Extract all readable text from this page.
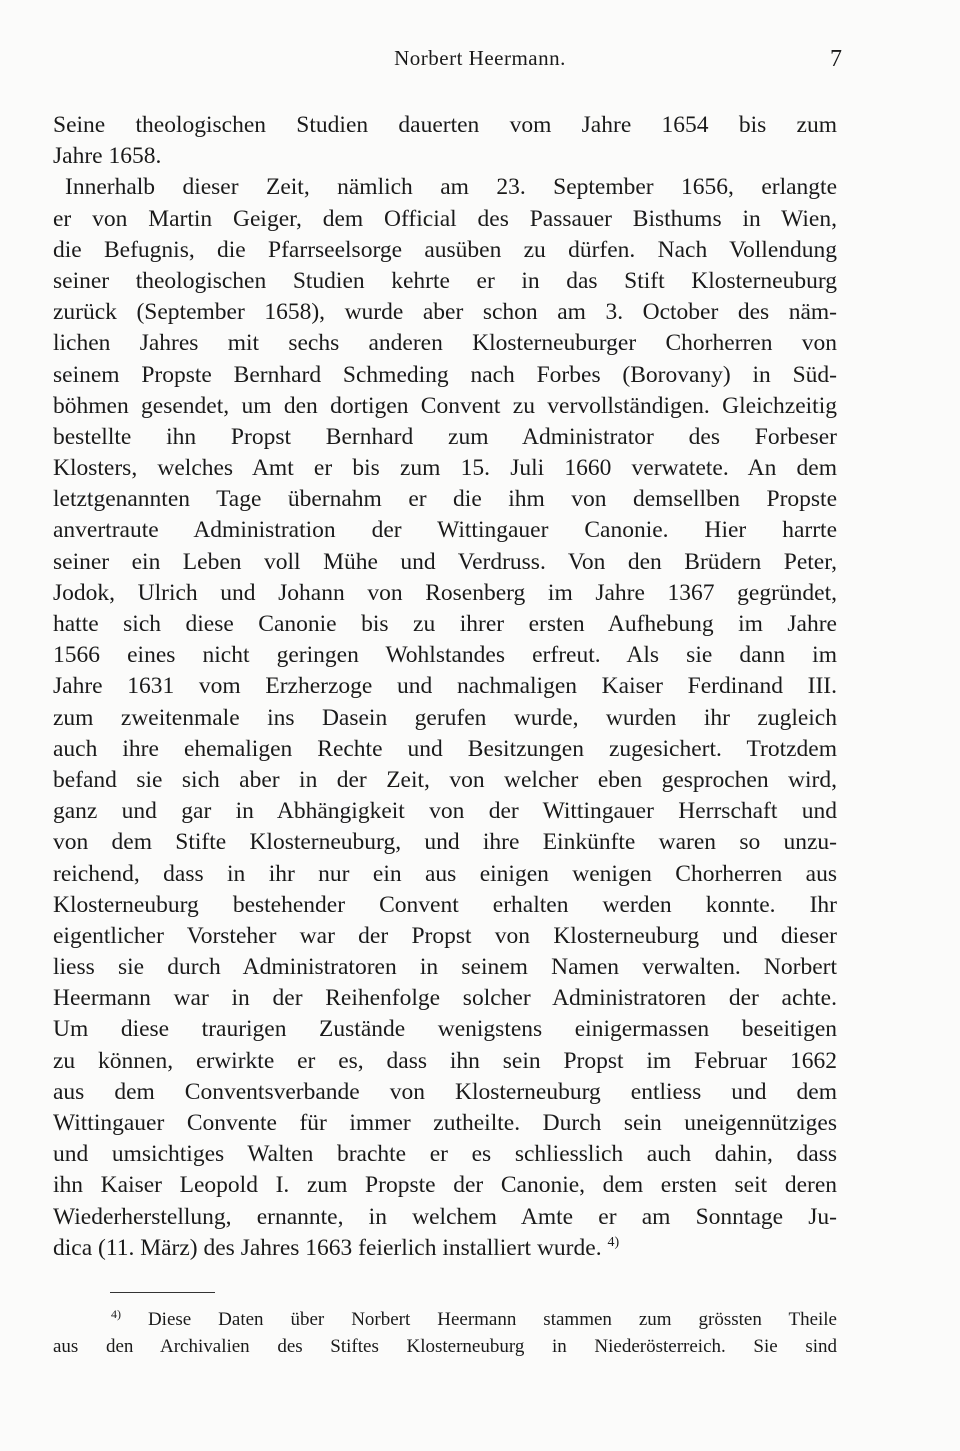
Norbert Heermann.	7
Seine theologischen Studien dauerten vom Jahre 1654 bis zum
Jahre 1658.
Innerhalb dieser Zeit, nämlich am 23. September 1656, erlangte
er von Martin Geiger, dem Official des Passauer Bisthums in Wien,
die Befugnis, die Pfarrseelsorge ausüben zu dürfen. Nach Vollendung
seiner theologischen Studien kehrte er in das Stift Klosterneuburg
zurück (September 1658), wurde aber schon am 3. October des näm-
lichen Jahres mit sechs anderen Klosterneuburger Chorherren von
seinem Propste Bernhard Schmeding nach Forbes (Borovany) in Süd-
böhmen gesendet, um den dortigen Convent zu vervollständigen. Gleichzeitig
bestellte ihn Propst Bernhard zum Administrator des Forbeser
Klosters, welches Amt er bis zum 15. Juli 1660 verwatete. An dem
letztgenannten Tage übernahm er die ihm von demsellben Propste
anvertraute Administration der Wittingauer Canonie. Hier harrte
seiner ein Leben voll Mühe und Verdruss. Von den Brüdern Peter,
Jodok, Ulrich und Johann von Rosenberg im Jahre 1367 gegründet,
hatte sich diese Canonie bis zu ihrer ersten Aufhebung im Jahre
1566 eines nicht geringen Wohlstandes erfreut. Als sie dann im
Jahre 1631 vom Erzherzoge und nachmaligen Kaiser Ferdinand III.
zum zweitenmale ins Dasein gerufen wurde, wurden ihr zugleich
auch ihre ehemaligen Rechte und Besitzungen zugesichert. Trotzdem
befand sie sich aber in der Zeit, von welcher eben gesprochen wird,
ganz und gar in Abhängigkeit von der Wittingauer Herrschaft und
von dem Stifte Klosterneuburg, und ihre Einkünfte waren so unzu-
reichend, dass in ihr nur ein aus einigen wenigen Chorherren aus
Klosterneuburg bestehender Convent erhalten werden konnte. Ihr
eigentlicher Vorsteher war der Propst von Klosterneuburg und dieser
liess sie durch Administratoren in seinem Namen verwalten. Norbert
Heermann war in der Reihenfolge solcher Administratoren der achte.
Um diese traurigen Zustände wenigstens einigermassen beseitigen
zu können, erwirkte er es, dass ihn sein Propst im Februar 1662
aus dem Conventsverbande von Klosterneuburg entliess und dem
Wittingauer Convente für immer zutheilte. Durch sein uneigennütziges
und umsichtiges Walten brachte er es schliesslich auch dahin, dass
ihn Kaiser Leopold I. zum Propste der Canonie, dem ersten seit deren
Wiederherstellung, ernannte, in welchem Amte er am Sonntage Ju-
dica (11. März) des Jahres 1663 feierlich installiert wurde. $^{4)}$
$^{4)}$ Diese Daten über Norbert Heermann stammen zum grössten Theile
aus den Archivalien des Stiftes Klosterneuburg in Niederösterreich. Sie sind
